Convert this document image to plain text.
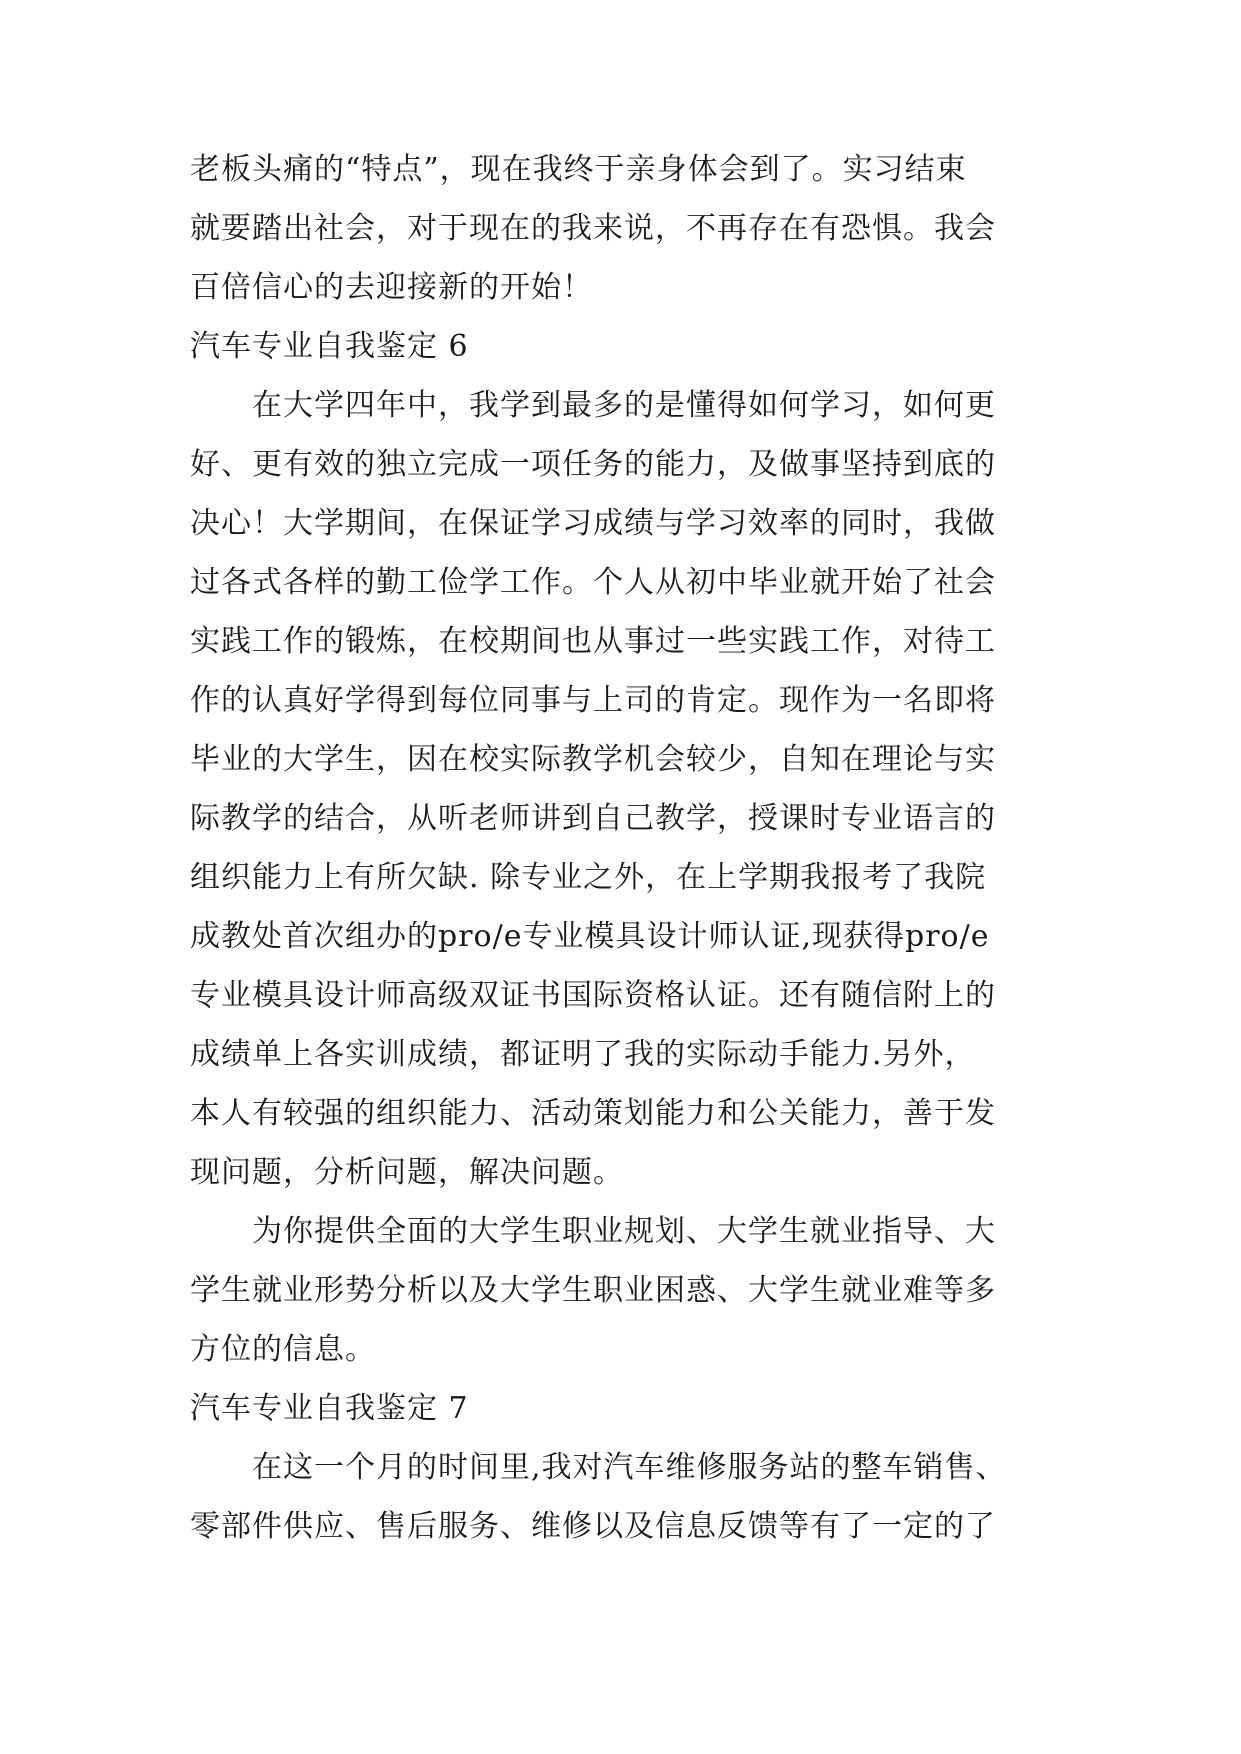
老板头痛的“特点”，现在我终于亲身体会到了。实习结束
就要踏出社会，对于现在的我来说，不再存在有恐惧。我会
百倍信心的去迎接新的开始！
汽车专业自我鉴定 6
在大学四年中，我学到最多的是懂得如何学习，如何更
好、更有效的独立完成一项任务的能力，及做事坚持到底的
决心！大学期间，在保证学习成绩与学习效率的同时，我做
过各式各样的勤工俭学工作。个人从初中毕业就开始了社会
实践工作的锻炼，在校期间也从事过一些实践工作，对待工
作的认真好学得到每位同事与上司的肯定。现作为一名即将
毕业的大学生，因在校实际教学机会较少，自知在理论与实
际教学的结合，从听老师讲到自己教学，授课时专业语言的
组织能力上有所欠缺. 除专业之外，在上学期我报考了我院
成教处首次组办的pro/e专业模具设计师认证,现获得pro/e
专业模具设计师高级双证书国际资格认证。还有随信附上的
成绩单上各实训成绩，都证明了我的实际动手能力.另外，
本人有较强的组织能力、活动策划能力和公关能力，善于发
现问题，分析问题，解决问题。
为你提供全面的大学生职业规划、大学生就业指导、大
学生就业形势分析以及大学生职业困惑、大学生就业难等多
方位的信息。
汽车专业自我鉴定 7
在这一个月的时间里,我对汽车维修服务站的整车销售、
零部件供应、售后服务、维修以及信息反馈等有了一定的了
